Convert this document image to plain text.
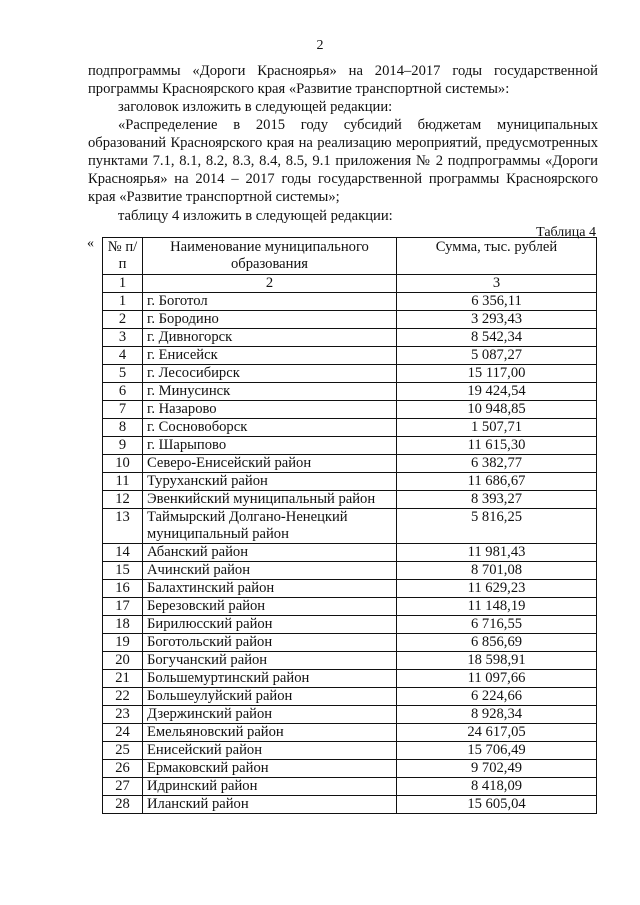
2
подпрограммы «Дороги Красноярья» на 2014–2017 годы государственной программы Красноярского края «Развитие транспортной системы»:
заголовок изложить в следующей редакции:
«Распределение в 2015 году субсидий бюджетам муниципальных образований Красноярского края на реализацию мероприятий, предусмотренных пунктами 7.1, 8.1, 8.2, 8.3, 8.4, 8.5, 9.1 приложения № 2 подпрограммы «Дороги Красноярья» на 2014 – 2017 годы государственной программы Красноярского края «Развитие транспортной системы»;
таблицу 4 изложить в следующей редакции:
Таблица 4
« № п/п	Наименование муниципального образования	Сумма, тыс. рублей
1	2	3
1	г. Боготол	6 356,11
2	г. Бородино	3 293,43
3	г. Дивногорск	8 542,34
4	г. Енисейск	5 087,27
5	г. Лесосибирск	15 117,00
6	г. Минусинск	19 424,54
7	г. Назарово	10 948,85
8	г. Сосновоборск	1 507,71
9	г. Шарыпово	11 615,30
10	Северо-Енисейский район	6 382,77
11	Туруханский район	11 686,67
12	Эвенкийский муниципальный район	8 393,27
13	Таймырский Долгано-Ненецкий муниципальный район	5 816,25
14	Абанский район	11 981,43
15	Ачинский район	8 701,08
16	Балахтинский район	11 629,23
17	Березовский район	11 148,19
18	Бирилюсский район	6 716,55
19	Боготольский район	6 856,69
20	Богучанский район	18 598,91
21	Большемуртинский район	11 097,66
22	Большеулуйский район	6 224,66
23	Дзержинский район	8 928,34
24	Емельяновский район	24 617,05
25	Енисейский район	15 706,49
26	Ермаковский район	9 702,49
27	Идринский район	8 418,09
28	Иланский район	15 605,04
